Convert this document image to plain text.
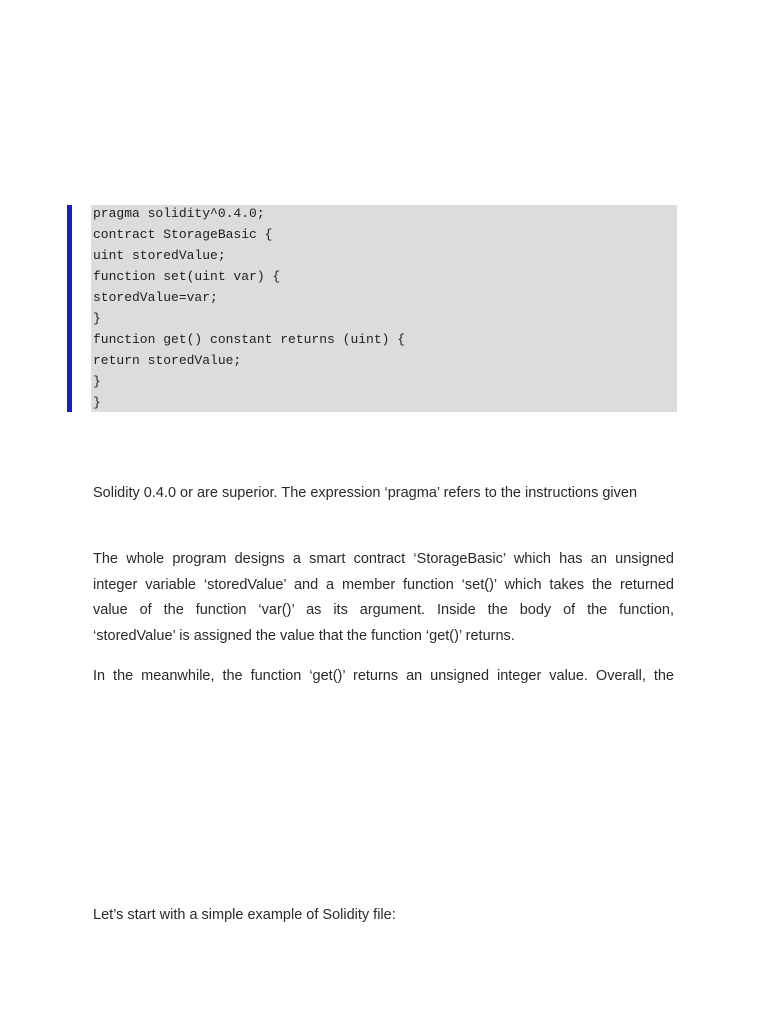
pragma solidity^0.4.0;
contract StorageBasic {
uint storedValue;
function set(uint var) {
storedValue=var;
}
function get() constant returns (uint) {
return storedValue;
}
}

Solidity 0.4.0 or are superior. The expression ‘pragma’ refers to the instructions given

The whole program designs a smart contract ‘StorageBasic’ which has an unsigned
integer variable ‘storedValue’ and a member function ‘set()’ which takes the returned
value of the function ‘var()’ as its argument. Inside the body of the function,
‘storedValue’ is assigned the value that the function ‘get()’ returns.

In the meanwhile, the function ‘get()’ returns an unsigned integer value. Overall, the

Let’s start with a simple example of Solidity file:
